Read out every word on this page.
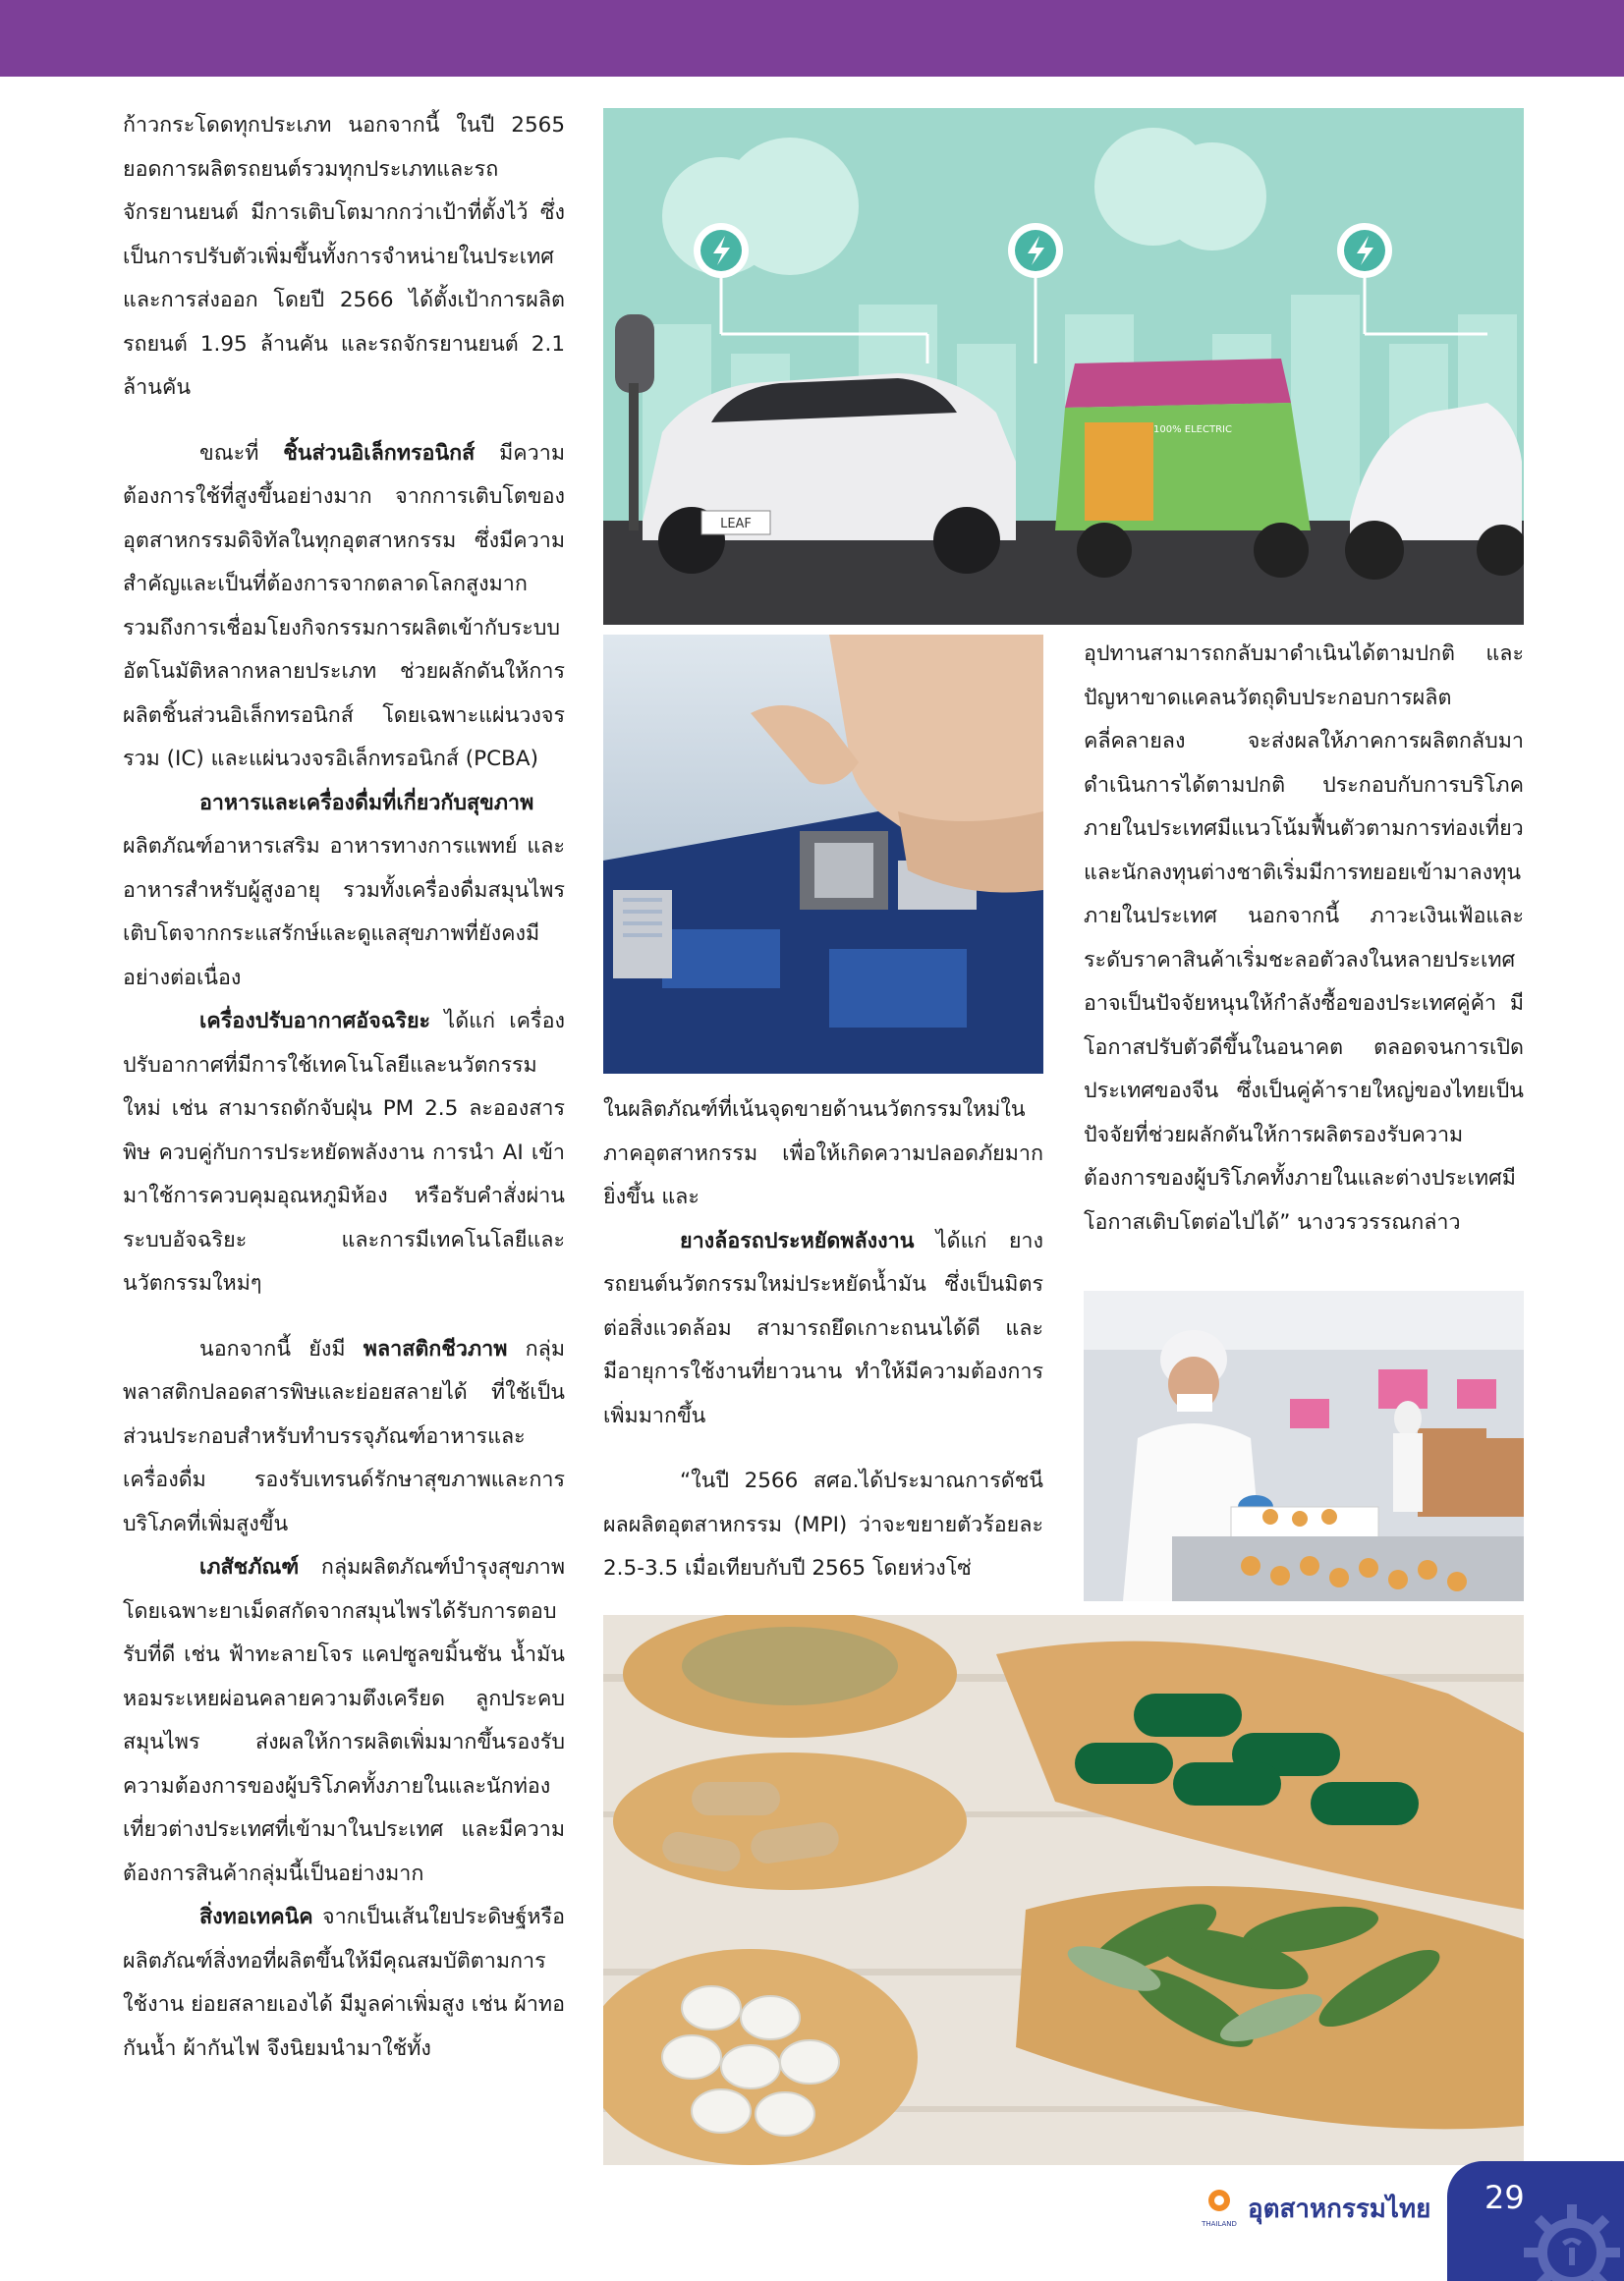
ก้าวกระโดดทุกประเภท นอกจากนี้ ในปี 2565 ยอดการผลิตรถยนต์รวมทุกประเภทและรถจักรยานยนต์ มีการเติบโตมากกว่าเป้าที่ตั้งไว้ ซึ่งเป็นการปรับตัวเพิ่มขึ้นทั้งการจำหน่ายในประเทศและการส่งออก โดยปี 2566 ได้ตั้งเป้าการผลิตรถยนต์ 1.95 ล้านคัน และรถจักรยานยนต์ 2.1 ล้านคัน

ขณะที่ ชิ้นส่วนอิเล็กทรอนิกส์ มีความต้องการใช้ที่สูงขึ้นอย่างมาก จากการเติบโตของอุตสาหกรรมดิจิทัลในทุกอุตสาหกรรม ซึ่งมีความสำคัญและเป็นที่ต้องการจากตลาดโลกสูงมาก รวมถึงการเชื่อมโยงกิจกรรมการผลิตเข้ากับระบบอัตโนมัติหลากหลายประเภท ช่วยผลักดันให้การผลิตชิ้นส่วนอิเล็กทรอนิกส์ โดยเฉพาะแผ่นวงจรรวม (IC) และแผ่นวงจรอิเล็กทรอนิกส์ (PCBA)

อาหารและเครื่องดื่มที่เกี่ยวกับสุขภาพ ผลิตภัณฑ์อาหารเสริม อาหารทางการแพทย์ และอาหารสำหรับผู้สูงอายุ รวมทั้งเครื่องดื่มสมุนไพร เติบโตจากกระแสรักษ์และดูแลสุขภาพที่ยังคงมีอย่างต่อเนื่อง

เครื่องปรับอากาศอัจฉริยะ ได้แก่ เครื่องปรับอากาศที่มีการใช้เทคโนโลยีและนวัตกรรมใหม่ เช่น สามารถดักจับฝุ่น PM 2.5 ละอองสารพิษ ควบคู่กับการประหยัดพลังงาน การนำ AI เข้ามาใช้การควบคุมอุณหภูมิห้อง หรือรับคำสั่งผ่านระบบอัจฉริยะ และการมีเทคโนโลยีและนวัตกรรมใหม่ๆ

นอกจากนี้ ยังมี พลาสติกชีวภาพ กลุ่มพลาสติกปลอดสารพิษและย่อยสลายได้ ที่ใช้เป็นส่วนประกอบสำหรับทำบรรจุภัณฑ์อาหารและเครื่องดื่ม รองรับเทรนด์รักษาสุขภาพและการบริโภคที่เพิ่มสูงขึ้น

เภสัชภัณฑ์ กลุ่มผลิตภัณฑ์บำรุงสุขภาพ โดยเฉพาะยาเม็ดสกัดจากสมุนไพรได้รับการตอบรับที่ดี เช่น ฟ้าทะลายโจร แคปซูลขมิ้นชัน น้ำมันหอมระเหยผ่อนคลายความตึงเครียด ลูกประคบสมุนไพร ส่งผลให้การผลิตเพิ่มมากขึ้นรองรับความต้องการของผู้บริโภคทั้งภายในและนักท่องเที่ยวต่างประเทศที่เข้ามาในประเทศ และมีความต้องการสินค้ากลุ่มนี้เป็นอย่างมาก

สิ่งทอเทคนิค จากเป็นเส้นใยประดิษฐ์หรือผลิตภัณฑ์สิ่งทอที่ผลิตขึ้นให้มีคุณสมบัติตามการใช้งาน ย่อยสลายเองได้ มีมูลค่าเพิ่มสูง เช่น ผ้าทอกันน้ำ ผ้ากันไฟ จึงนิยมนำมาใช้ทั้ง

LEAF
100% ELECTRIC

ในผลิตภัณฑ์ที่เน้นจุดขายด้านนวัตกรรมใหม่ในภาคอุตสาหกรรม เพื่อให้เกิดความปลอดภัยมากยิ่งขึ้น และ

ยางล้อรถประหยัดพลังงาน ได้แก่ ยางรถยนต์นวัตกรรมใหม่ประหยัดน้ำมัน ซึ่งเป็นมิตรต่อสิ่งแวดล้อม สามารถยึดเกาะถนนได้ดี และมีอายุการใช้งานที่ยาวนาน ทำให้มีความต้องการเพิ่มมากขึ้น

“ในปี 2566 สศอ.ได้ประมาณการดัชนีผลผลิตอุตสาหกรรม (MPI) ว่าจะขยายตัวร้อยละ 2.5-3.5 เมื่อเทียบกับปี 2565 โดยห่วงโซ่

อุปทานสามารถกลับมาดำเนินได้ตามปกติ และปัญหาขาดแคลนวัตถุดิบประกอบการผลิตคลี่คลายลง จะส่งผลให้ภาคการผลิตกลับมาดำเนินการได้ตามปกติ ประกอบกับการบริโภคภายในประเทศมีแนวโน้มฟื้นตัวตามการท่องเที่ยวและนักลงทุนต่างชาติเริ่มมีการทยอยเข้ามาลงทุนภายในประเทศ นอกจากนี้ ภาวะเงินเฟ้อและระดับราคาสินค้าเริ่มชะลอตัวลงในหลายประเทศ อาจเป็นปัจจัยหนุนให้กำลังซื้อของประเทศคู่ค้า มีโอกาสปรับตัวดีขึ้นในอนาคต ตลอดจนการเปิดประเทศของจีน ซึ่งเป็นคู่ค้ารายใหญ่ของไทยเป็นปัจจัยที่ช่วยผลักดันให้การผลิตรองรับความต้องการของผู้บริโภคทั้งภายในและต่างประเทศมีโอกาสเติบโตต่อไปได้” นางวรวรรณกล่าว

THAILAND
อุตสาหกรรมไทย 29
